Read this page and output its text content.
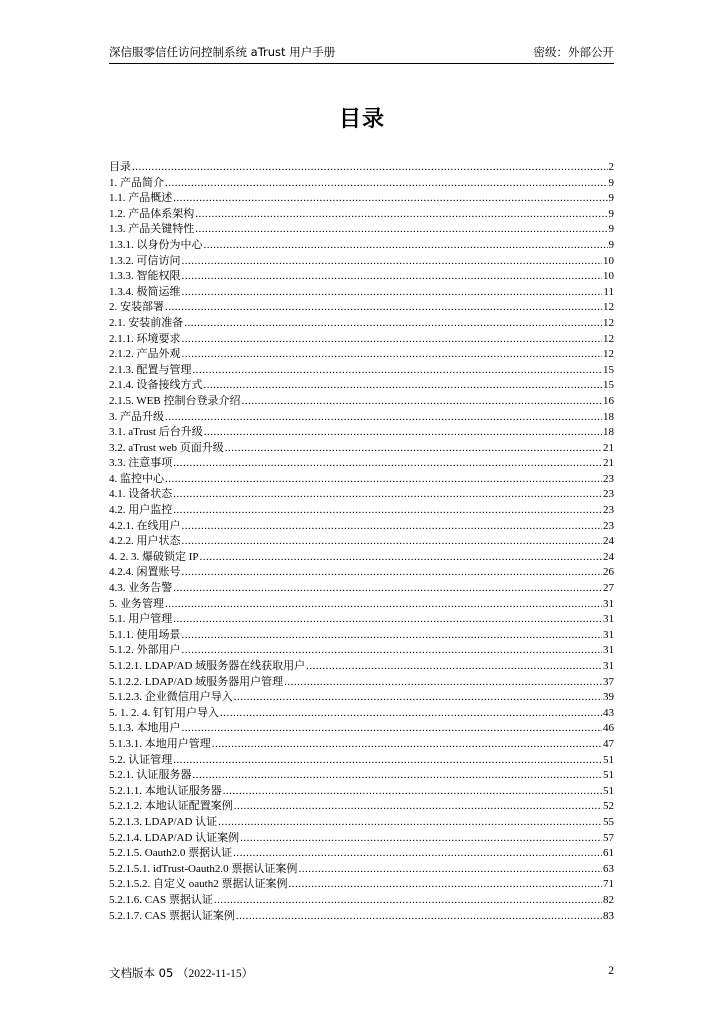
深信服零信任访问控制系统 aTrust 用户手册	密级：外部公开
目录
目录 .....	2
1. 产品简介 .....	9
1.1. 产品概述 .....	9
1.2. 产品体系架构 .....	9
1.3. 产品关键特性 .....	9
1.3.1. 以身份为中心 .....	9
1.3.2. 可信访问 .....	10
1.3.3. 智能权限 .....	10
1.3.4. 极简运维 .....	11
2. 安装部署 .....	12
2.1. 安装前准备 .....	12
2.1.1. 环境要求 .....	12
2.1.2. 产品外观 .....	12
2.1.3. 配置与管理 .....	15
2.1.4. 设备接线方式 .....	15
2.1.5. WEB 控制台登录介绍 .....	16
3. 产品升级 .....	18
3.1. aTrust 后台升级 .....	18
3.2. aTrust web 页面升级 .....	21
3.3. 注意事项 .....	21
4. 监控中心 .....	23
4.1. 设备状态 .....	23
4.2. 用户监控 .....	23
4.2.1. 在线用户 .....	23
4.2.2. 用户状态 .....	24
4. 2. 3. 爆破锁定 IP .....	24
4.2.4. 闲置账号 .....	26
4.3. 业务告警 .....	27
5. 业务管理 .....	31
5.1. 用户管理 .....	31
5.1.1. 使用场景 .....	31
5.1.2. 外部用户 .....	31
5.1.2.1. LDAP/AD 域服务器在线获取用户 .....	31
5.1.2.2. LDAP/AD 域服务器用户管理 .....	37
5.1.2.3. 企业微信用户导入 .....	39
5. 1. 2. 4. 钉钉用户导入 .....	43
5.1.3. 本地用户 .....	46
5.1.3.1. 本地用户管理 .....	47
5.2. 认证管理 .....	51
5.2.1. 认证服务器 .....	51
5.2.1.1. 本地认证服务器 .....	51
5.2.1.2. 本地认证配置案例 .....	52
5.2.1.3. LDAP/AD 认证 .....	55
5.2.1.4. LDAP/AD 认证案例 .....	57
5.2.1.5. Oauth2.0 票据认证 .....	61
5.2.1.5.1. idTrust-Oauth2.0 票据认证案例 .....	63
5.2.1.5.2. 自定义 oauth2 票据认证案例 .....	71
5.2.1.6. CAS 票据认证 .....	82
5.2.1.7. CAS 票据认证案例 .....	83
文档版本 05 （2022-11-15）	2
